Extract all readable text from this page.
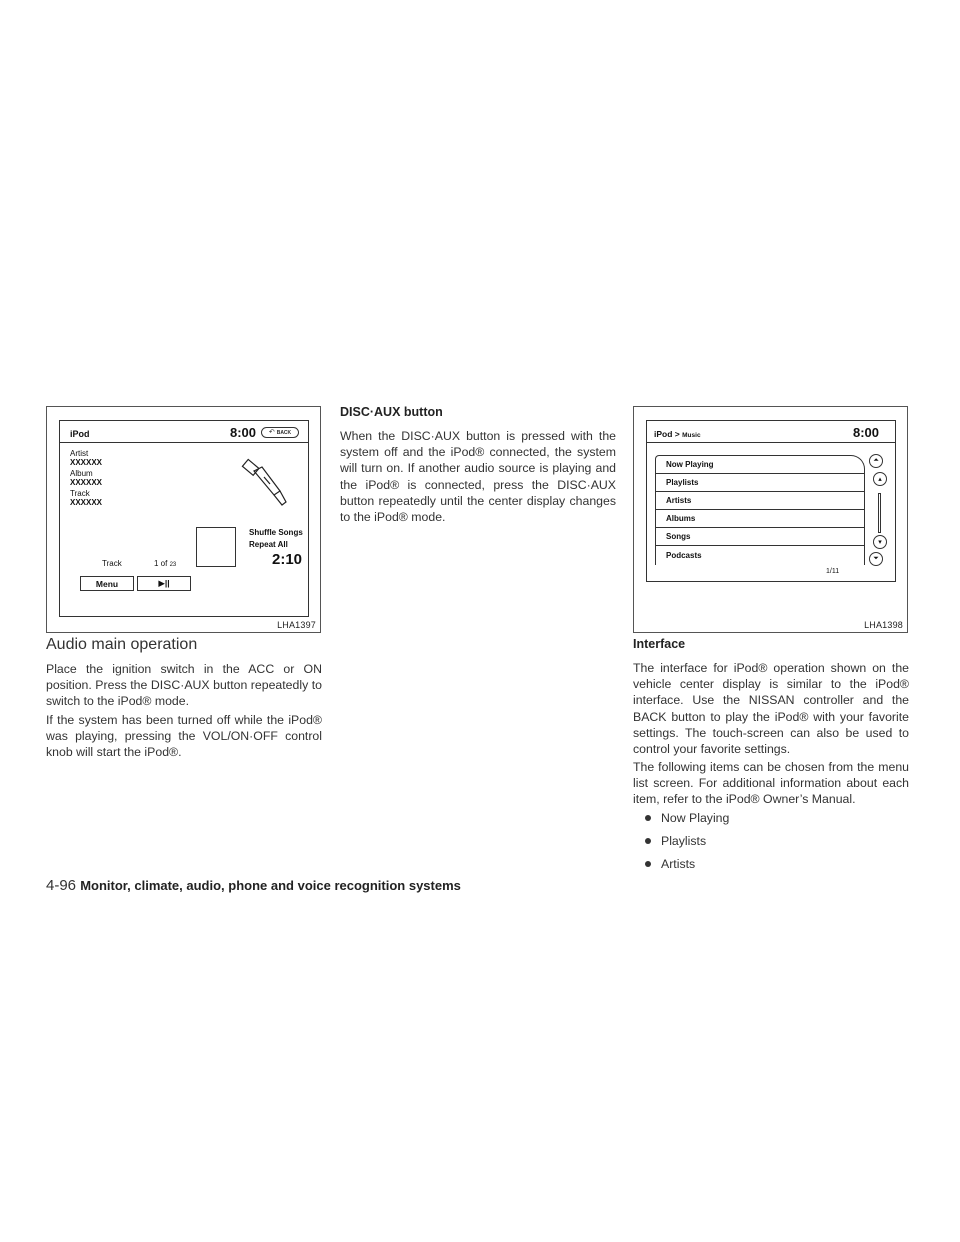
iPod	8:00 ↶ BACK
Artist
XXXXXX
Album
XXXXXX
Track
XXXXXX
Shuffle Songs
Repeat All
2:10
Track	1 of 23
Menu	▶||
LHA1397
Audio main operation

Place the ignition switch in the ACC or ON position. Press the DISC·AUX button repeatedly to switch to the iPod® mode.

If the system has been turned off while the iPod® was playing, pressing the VOL/ON·OFF control knob will start the iPod®.

DISC·AUX button

When the DISC·AUX button is pressed with the system off and the iPod® connected, the system will turn on. If another audio source is playing and the iPod® is connected, press the DISC·AUX button repeatedly until the center display changes to the iPod® mode.

iPod > Music	8:00
Now Playing
Playlists
Artists
Albums
Songs
Podcasts
⏶
▴
▾
⏷
1/11
LHA1398
Interface

The interface for iPod® operation shown on the vehicle center display is similar to the iPod® interface. Use the NISSAN controller and the BACK button to play the iPod® with your favorite settings. The touch-screen can also be used to control your favorite settings.

The following items can be chosen from the menu list screen. For additional information about each item, refer to the iPod® Owner’s Manual.

Now Playing
Playlists
Artists
4-96 Monitor, climate, audio, phone and voice recognition systems
